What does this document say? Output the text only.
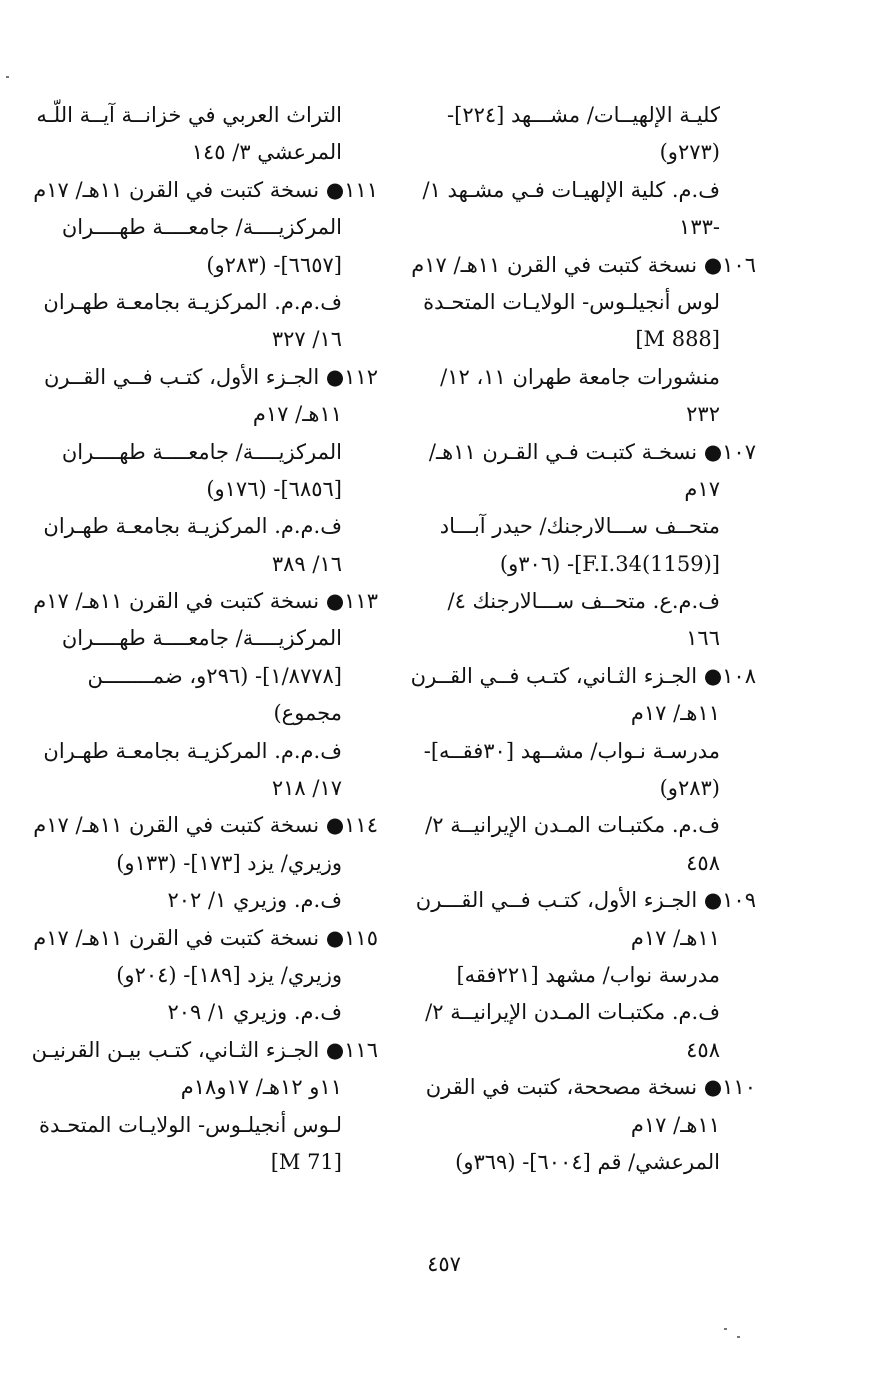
كليـة الإلهيــات/ مشـــهد [٢٢٤]-
(٢٧٣و)
ف.م. كلية الإلهيـات فـي مشـهد ١/
-١٣٣
١٠٦● نسخة كتبت في القرن ١١هـ/ ١٧م
لوس أنجيلـوس- الولايـات المتحـدة
[M 888]
منشورات جامعة طهران ١١، ١٢/
٢٣٢
١٠٧● نسخـة كتبـت فـي القـرن ١١هـ/
١٧م
متحــف ســـالارجنك/ حيدر آبـــاد
[(1159)F.I.34]- (٣٠٦و)
ف.م.ع. متحــف ســـالارجنك ٤/
١٦٦
١٠٨● الجـزء الثـاني، كتـب فــي القــرن
١١هـ/ ١٧م
مدرسـة نـواب/ مشــهد [٣٠فقــه]-
(٢٨٣و)
ف.م. مكتبـات المـدن الإيرانيــة ٢/
٤٥٨
١٠٩● الجـزء الأول، كتـب فــي القـــرن
١١هـ/ ١٧م
مدرسة نواب/ مشهد [٢٢١فقه]
ف.م. مكتبـات المـدن الإيرانيــة ٢/
٤٥٨
١١٠● نسخة مصححة، كتبت في القرن
١١هـ/ ١٧م
المرعشي/ قم [٦٠٠٤]- (٣٦٩و)
التراث العربي في خزانــة آيــة اللّـه
المرعشي ٣/ ١٤٥
١١١● نسخة كتبت في القرن ١١هـ/ ١٧م
المركزيــــة/ جامعــــة طهــــران
[٦٦٥٧]- (٢٨٣و)
ف.م.م. المركزيـة بجامعـة طهـران
١٦/ ٣٢٧
١١٢● الجـزء الأول، كتـب فــي القــرن
١١هـ/ ١٧م
المركزيــــة/ جامعــــة طهــــران
[٦٨٥٦]- (١٧٦و)
ف.م.م. المركزيـة بجامعـة طهـران
١٦/ ٣٨٩
١١٣● نسخة كتبت في القرن ١١هـ/ ١٧م
المركزيــــة/ جامعــــة طهــــران
[١/٨٧٧٨]- (٢٩٦و، ضمــــــــن
مجموع)
ف.م.م. المركزيـة بجامعـة طهـران
١٧/ ٢١٨
١١٤● نسخة كتبت في القرن ١١هـ/ ١٧م
وزيري/ يزد [١٧٣]- (١٣٣و)
ف.م. وزيري ١/ ٢٠٢
١١٥● نسخة كتبت في القرن ١١هـ/ ١٧م
وزيري/ يزد [١٨٩]- (٢٠٤و)
ف.م. وزيري ١/ ٢٠٩
١١٦● الجـزء الثـاني، كتـب بيـن القرنيـن
١١و ١٢هـ/ ١٧و١٨م
لـوس أنجيلـوس- الولايـات المتحـدة
[M 71]
٤٥٧
